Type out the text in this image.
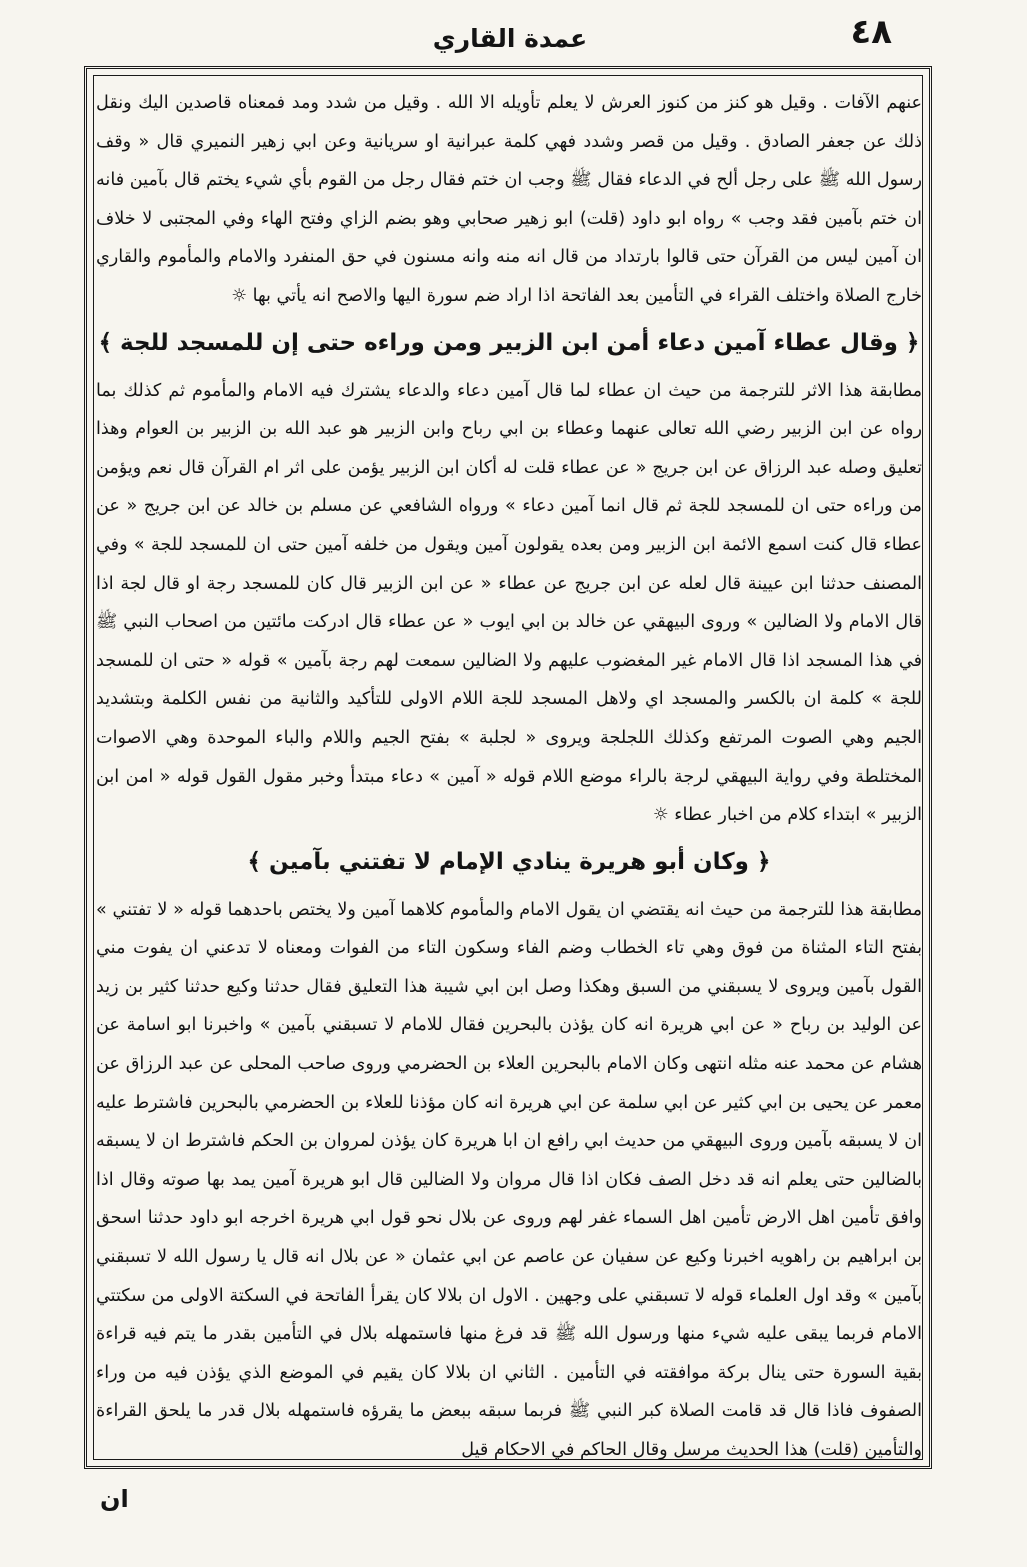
عمدة القاري	٤٨

عنهم الآفات . وقيل هو كنز من كنوز العرش لا يعلم تأويله الا الله . وقيل من شدد ومد فمعناه قاصدين اليك ونقل ذلك عن جعفر الصادق . وقيل من قصر وشدد فهي كلمة عبرانية او سريانية وعن ابي زهير النميري قال « وقف رسول الله ﷺ على رجل ألح في الدعاء فقال ﷺ وجب ان ختم فقال رجل من القوم بأي شيء يختم قال بآمين فانه ان ختم بآمين فقد وجب » رواه ابو داود (قلت) ابو زهير صحابي وهو بضم الزاي وفتح الهاء وفي المجتبى لا خلاف ان آمين ليس من القرآن حتى قالوا بارتداد من قال انه منه وانه مسنون في حق المنفرد والامام والمأموم والقاري خارج الصلاة واختلف القراء في التأمين بعد الفاتحة اذا اراد ضم سورة اليها والاصح انه يأتي بها ☼

﴿ وقال عطاء آمين دعاء أمن ابن الزبير ومن وراءه حتى إن للمسجد للجة ﴾

مطابقة هذا الاثر للترجمة من حيث ان عطاء لما قال آمين دعاء والدعاء يشترك فيه الامام والمأموم ثم كذلك بما رواه عن ابن الزبير رضي الله تعالى عنهما وعطاء بن ابي رباح وابن الزبير هو عبد الله بن الزبير بن العوام وهذا تعليق وصله عبد الرزاق عن ابن جريج « عن عطاء قلت له أكان ابن الزبير يؤمن على اثر ام القرآن قال نعم ويؤمن من وراءه حتى ان للمسجد للجة ثم قال انما آمين دعاء » ورواه الشافعي عن مسلم بن خالد عن ابن جريج « عن عطاء قال كنت اسمع الائمة ابن الزبير ومن بعده يقولون آمين ويقول من خلفه آمين حتى ان للمسجد للجة » وفي المصنف حدثنا ابن عيينة قال لعله عن ابن جريج عن عطاء « عن ابن الزبير قال كان للمسجد رجة او قال لجة اذا قال الامام ولا الضالين » وروى البيهقي عن خالد بن ابي ايوب « عن عطاء قال ادركت مائتين من اصحاب النبي ﷺ في هذا المسجد اذا قال الامام غير المغضوب عليهم ولا الضالين سمعت لهم رجة بآمين » قوله « حتى ان للمسجد للجة » كلمة ان بالكسر والمسجد اي ولاهل المسجد للجة اللام الاولى للتأكيد والثانية من نفس الكلمة وبتشديد الجيم وهي الصوت المرتفع وكذلك اللجلجة ويروى « لجلبة » بفتح الجيم واللام والباء الموحدة وهي الاصوات المختلطة وفي رواية البيهقي لرجة بالراء موضع اللام قوله « آمين » دعاء مبتدأ وخبر مقول القول قوله « امن ابن الزبير » ابتداء كلام من اخبار عطاء ☼

﴿ وكان أبو هريرة ينادي الإمام لا تفتني بآمين ﴾

مطابقة هذا للترجمة من حيث انه يقتضي ان يقول الامام والمأموم كلاهما آمين ولا يختص باحدهما قوله « لا تفتني » بفتح التاء المثناة من فوق وهي تاء الخطاب وضم الفاء وسكون التاء من الفوات ومعناه لا تدعني ان يفوت مني القول بآمين ويروى لا يسبقني من السبق وهكذا وصل ابن ابي شيبة هذا التعليق فقال حدثنا وكيع حدثنا كثير بن زيد عن الوليد بن رباح « عن ابي هريرة انه كان يؤذن بالبحرين فقال للامام لا تسبقني بآمين » واخبرنا ابو اسامة عن هشام عن محمد عنه مثله انتهى وكان الامام بالبحرين العلاء بن الحضرمي وروى صاحب المحلى عن عبد الرزاق عن معمر عن يحيى بن ابي كثير عن ابي سلمة عن ابي هريرة انه كان مؤذنا للعلاء بن الحضرمي بالبحرين فاشترط عليه ان لا يسبقه بآمين وروى البيهقي من حديث ابي رافع ان ابا هريرة كان يؤذن لمروان بن الحكم فاشترط ان لا يسبقه بالضالين حتى يعلم انه قد دخل الصف فكان اذا قال مروان ولا الضالين قال ابو هريرة آمين يمد بها صوته وقال اذا وافق تأمين اهل الارض تأمين اهل السماء غفر لهم وروى عن بلال نحو قول ابي هريرة اخرجه ابو داود حدثنا اسحق بن ابراهيم بن راهويه اخبرنا وكيع عن سفيان عن عاصم عن ابي عثمان « عن بلال انه قال يا رسول الله لا تسبقني بآمين » وقد اول العلماء قوله لا تسبقني على وجهين . الاول ان بلالا كان يقرأ الفاتحة في السكتة الاولى من سكتتي الامام فربما يبقى عليه شيء منها ورسول الله ﷺ قد فرغ منها فاستمهله بلال في التأمين بقدر ما يتم فيه قراءة بقية السورة حتى ينال بركة موافقته في التأمين . الثاني ان بلالا كان يقيم في الموضع الذي يؤذن فيه من وراء الصفوف فاذا قال قد قامت الصلاة كبر النبي ﷺ فربما سبقه ببعض ما يقرؤه فاستمهله بلال قدر ما يلحق القراءة والتأمين (قلت) هذا الحديث مرسل وقال الحاكم في الاحكام قيل

ان
